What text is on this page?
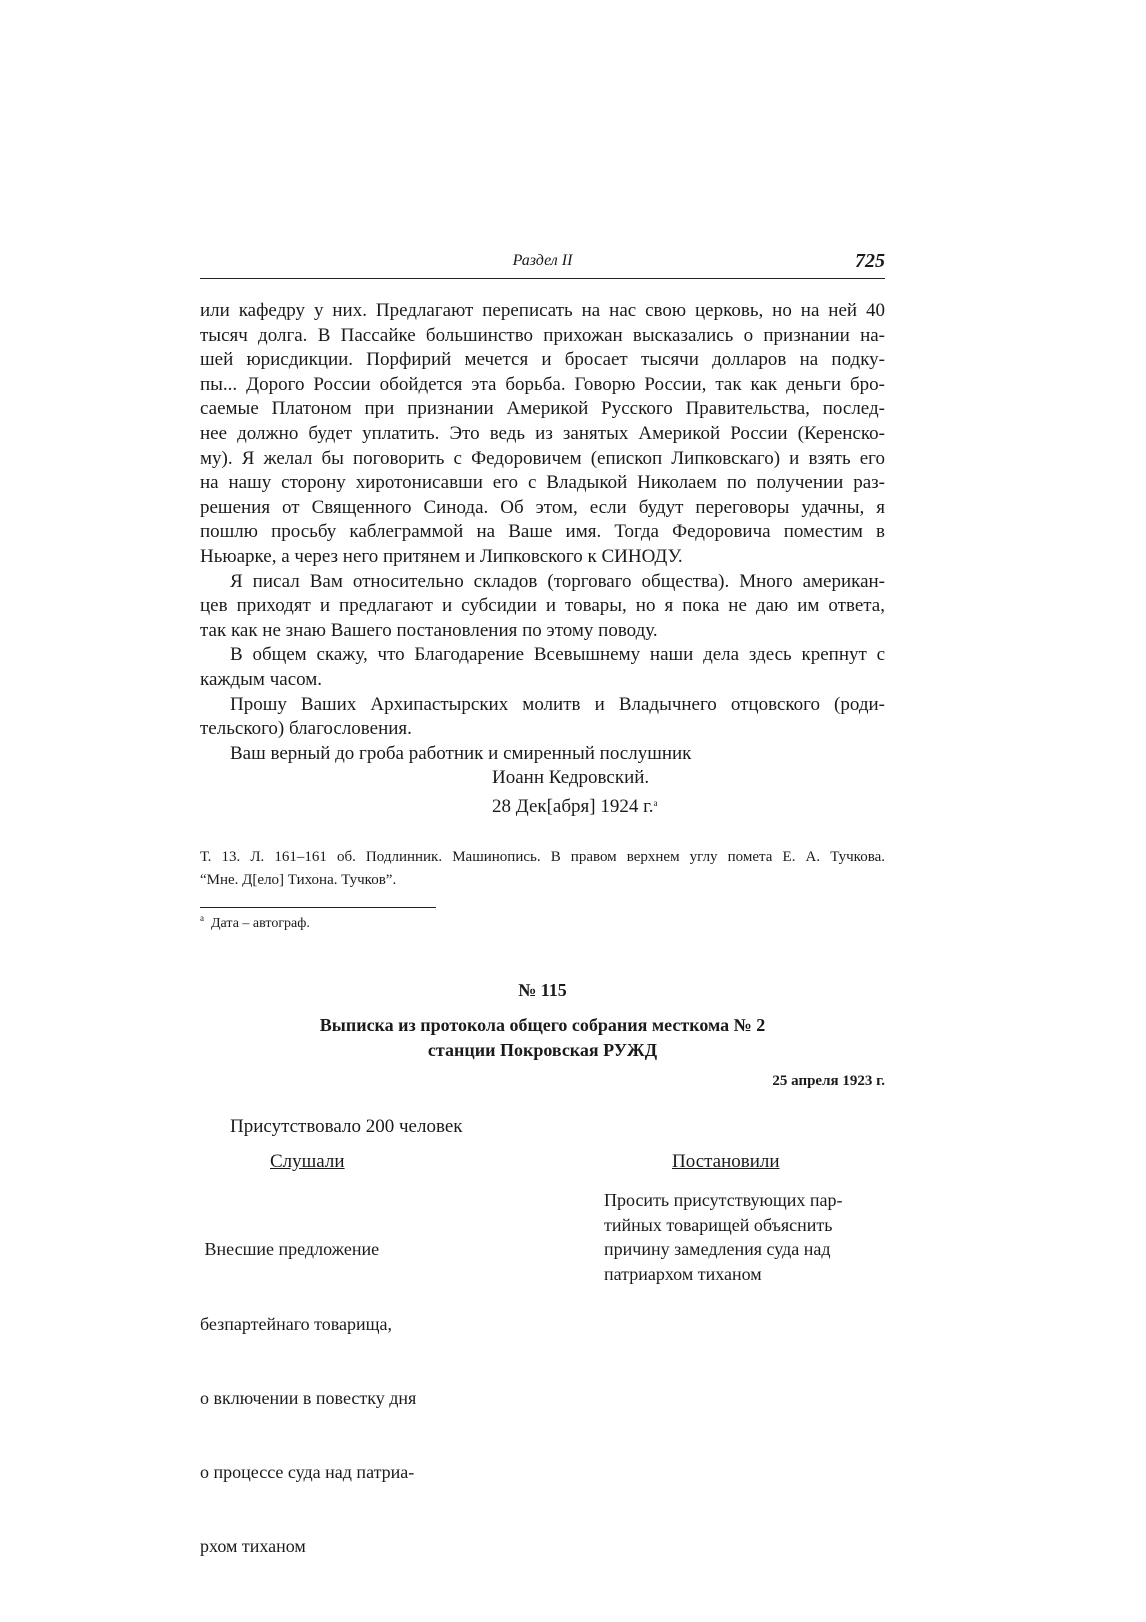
Раздел II	725
или кафедру у них. Предлагают переписать на нас свою церковь, но на ней 40
тысяч долга. В Пассайке большинство прихожан высказались о признании на-
шей юрисдикции. Порфирий мечется и бросает тысячи долларов на подку-
пы... Дорого России обойдется эта борьба. Говорю России, так как деньги бро-
саемые Платоном при признании Америкой Русского Правительства, послед-
нее должно будет уплатить. Это ведь из занятых Америкой России (Керенско-
му). Я желал бы поговорить с Федоровичем (епископ Липковскаго) и взять его
на нашу сторону хиротонисавши его с Владыкой Николаем по получении раз-
решения от Священного Синода. Об этом, если будут переговоры удачны, я
пошлю просьбу каблеграммой на Ваше имя. Тогда Федоровича поместим в
Ньюарке, а через него притянем и Липковского к СИНОДУ.
Я писал Вам относительно складов (торговаго общества). Много американ-
цев приходят и предлагают и субсидии и товары, но я пока не даю им ответа,
так как не знаю Вашего постановления по этому поводу.
В общем скажу, что Благодарение Всевышнему наши дела здесь крепнут с
каждым часом.
Прошу Ваших Архипастырских молитв и Владычнего отцовского (роди-
тельского) благословения.
Ваш верный до гроба работник и смиренный послушник
Иоанн Кедровский.
28 Дек[абря] 1924 г.$^а$
Т. 13. Л. 161–161 об. Подлинник. Машинопись. В правом верхнем углу помета Е. А. Тучкова.
“Мне. Д[ело] Тихона. Тучков”.
$^а$ Дата – автограф.
№ 115
Выписка из протокола общего собрания месткома № 2
станции Покровская РУЖД
25 апреля 1923 г.
Присутствовало 200 человек
Слушали	Постановили

Внесшие предложение

безпартейнаго товарища,

о включении в повестку дня

о процессе суда над патриа-

рхом тиханом

Просить присутствующих пар-
тийных товарищей объяснить
причину замедления суда над
патриархом тиханом
